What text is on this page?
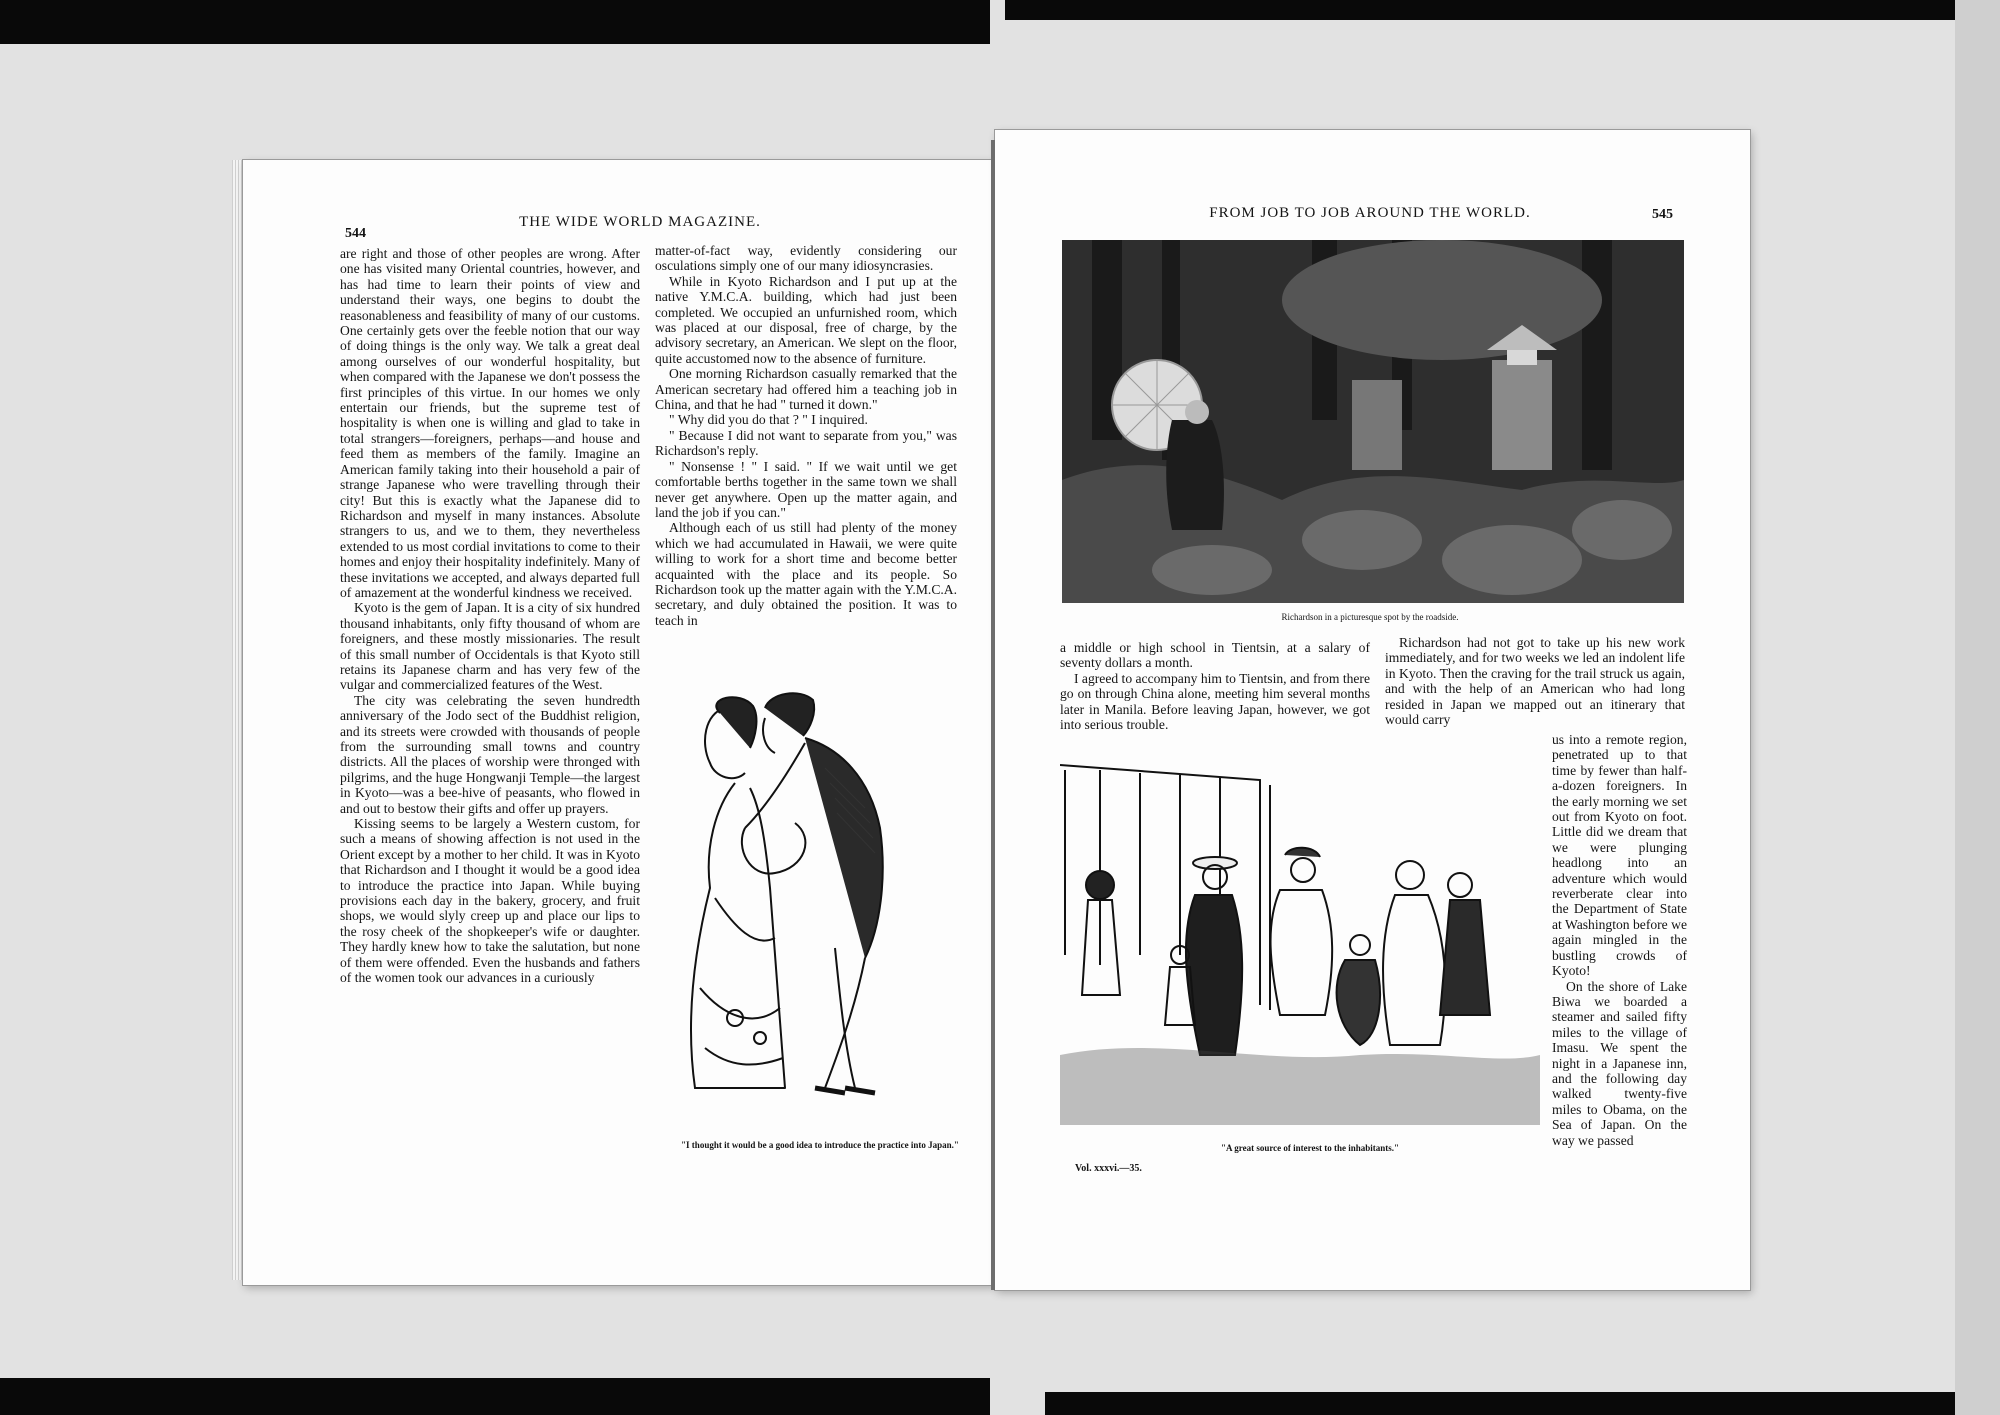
544
THE WIDE WORLD MAGAZINE.

are right and those of other peoples are wrong. After one has visited many Oriental countries, however, and has had time to learn their points of view and understand their ways, one begins to doubt the reasonableness and feasibility of many of our customs. One certainly gets over the feeble notion that our way of doing things is the only way. We talk a great deal among ourselves of our wonderful hospitality, but when compared with the Japanese we don't possess the first principles of this virtue. In our homes we only entertain our friends, but the supreme test of hospitality is when one is willing and glad to take in total strangers—foreigners, perhaps—and house and feed them as members of the family. Imagine an American family taking into their household a pair of strange Japanese who were travelling through their city! But this is exactly what the Japanese did to Richardson and myself in many instances. Absolute strangers to us, and we to them, they nevertheless extended to us most cordial invitations to come to their homes and enjoy their hospitality indefinitely. Many of these invitations we accepted, and always departed full of amazement at the wonderful kindness we received.

Kyoto is the gem of Japan. It is a city of six hundred thousand inhabitants, only fifty thousand of whom are foreigners, and these mostly missionaries. The result of this small number of Occidentals is that Kyoto still retains its Japanese charm and has very few of the vulgar and commercialized features of the West.

The city was celebrating the seven hundredth anniversary of the Jodo sect of the Buddhist religion, and its streets were crowded with thousands of people from the surrounding small towns and country districts. All the places of worship were thronged with pilgrims, and the huge Hongwanji Temple—the largest in Kyoto—was a bee-hive of peasants, who flowed in and out to bestow their gifts and offer up prayers.

Kissing seems to be largely a Western custom, for such a means of showing affection is not used in the Orient except by a mother to her child. It was in Kyoto that Richardson and I thought it would be a good idea to introduce the practice into Japan. While buying provisions each day in the bakery, grocery, and fruit shops, we would slyly creep up and place our lips to the rosy cheek of the shopkeeper's wife or daughter. They hardly knew how to take the salutation, but none of them were offended. Even the husbands and fathers of the women took our advances in a curiously

matter-of-fact way, evidently considering our osculations simply one of our many idiosyncrasies.

While in Kyoto Richardson and I put up at the native Y.M.C.A. building, which had just been completed. We occupied an unfurnished room, which was placed at our disposal, free of charge, by the advisory secretary, an American. We slept on the floor, quite accustomed now to the absence of furniture.

One morning Richardson casually remarked that the American secretary had offered him a teaching job in China, and that he had " turned it down."

" Why did you do that ? " I inquired.

" Because I did not want to separate from you," was Richardson's reply.

" Nonsense ! " I said. " If we wait until we get comfortable berths together in the same town we shall never get anywhere. Open up the matter again, and land the job if you can."

Although each of us still had plenty of the money which we had accumulated in Hawaii, we were quite willing to work for a short time and become better acquainted with the place and its people. So Richardson took up the matter again with the Y.M.C.A. secretary, and duly obtained the position. It was to teach in

"I thought it would be a good idea to introduce the practice into Japan."
FROM JOB TO JOB AROUND THE WORLD.	545
Richardson in a picturesque spot by the roadside.

a middle or high school in Tientsin, at a salary of seventy dollars a month.

I agreed to accompany him to Tientsin, and from there go on through China alone, meeting him several months later in Manila. Before leaving Japan, however, we got into serious trouble.

Richardson had not got to take up his new work immediately, and for two weeks we led an indolent life in Kyoto. Then the craving for the trail struck us again, and with the help of an American who had long resided in Japan we mapped out an itinerary that would carry

us into a remote region, penetrated up to that time by fewer than half-a-dozen foreigners. In the early morning we set out from Kyoto on foot. Little did we dream that we were plunging headlong into an adventure which would reverberate clear into the Department of State at Washington before we again mingled in the bustling crowds of Kyoto!

On the shore of Lake Biwa we boarded a steamer and sailed fifty miles to the village of Imasu. We spent the night in a Japanese inn, and the following day walked twenty-five miles to Obama, on the Sea of Japan. On the way we passed

"A great source of interest to the inhabitants."
Vol. xxxvi.—35.
